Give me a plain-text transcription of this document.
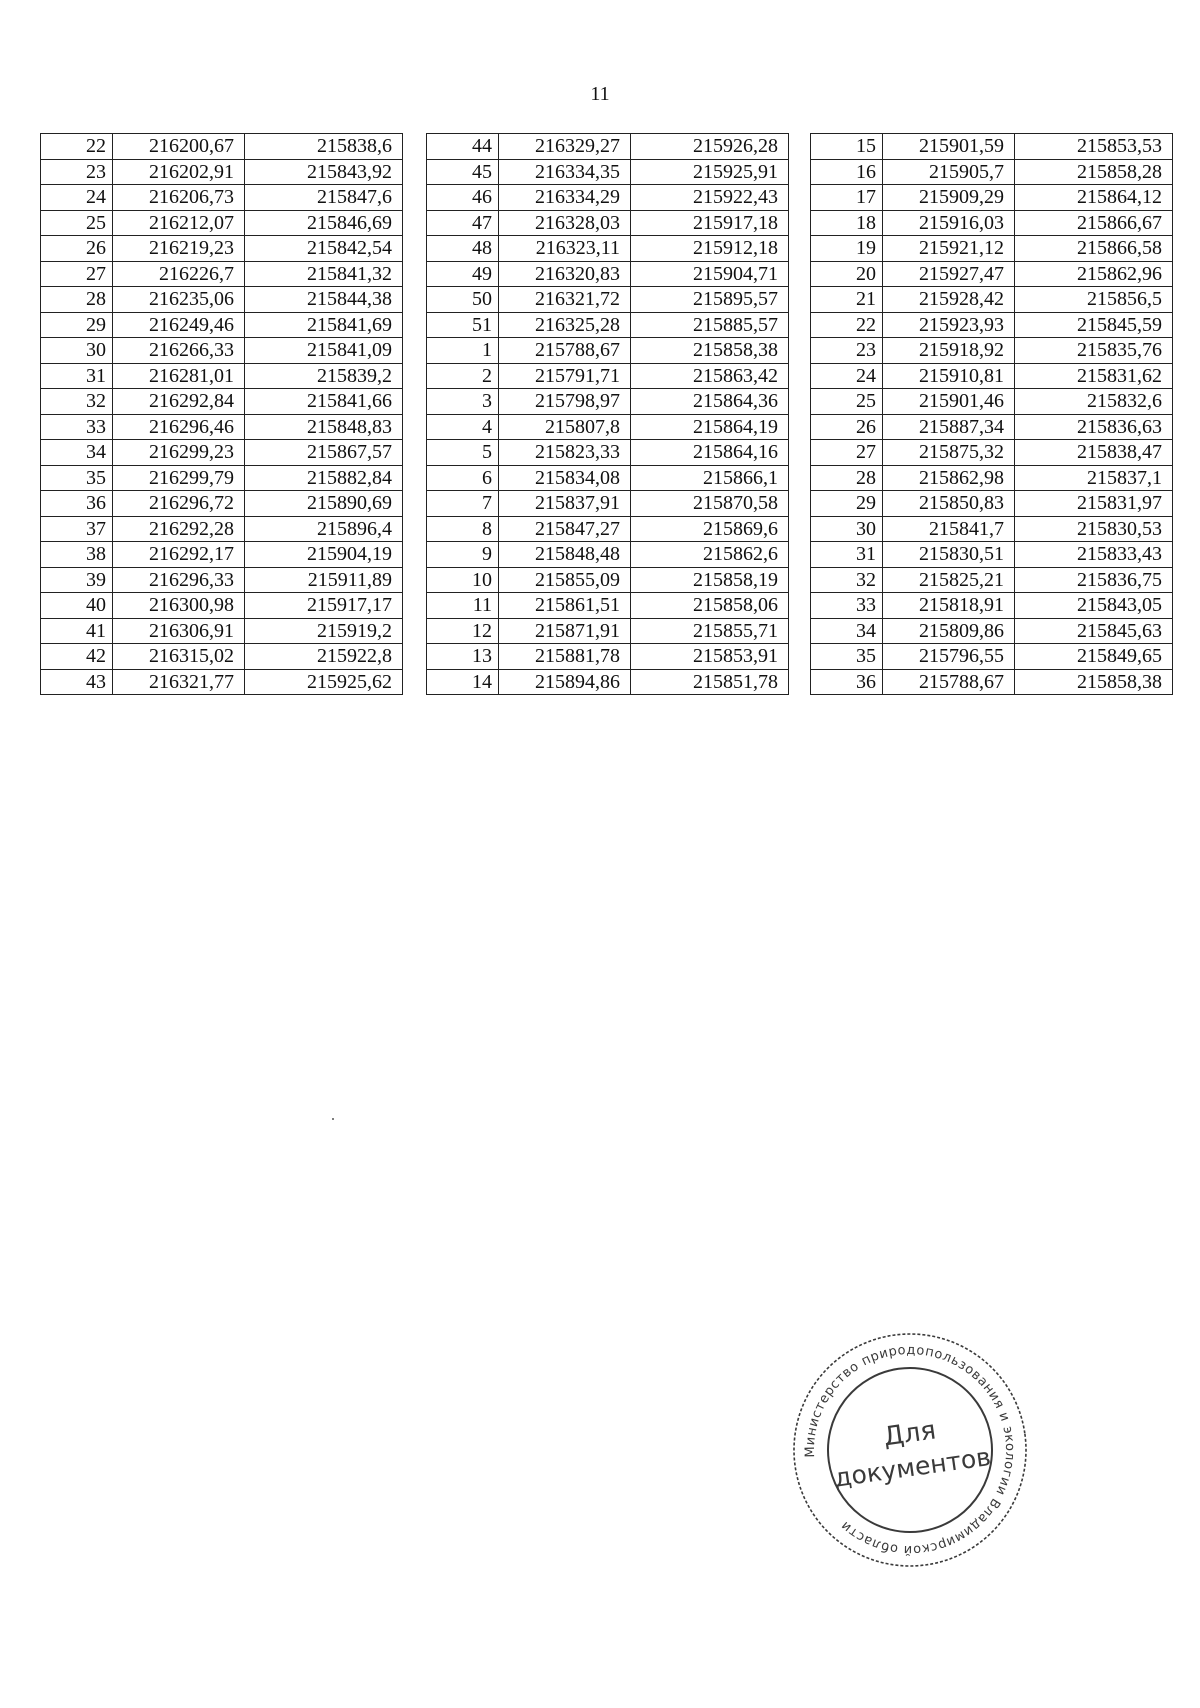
11
22	216200,67	215838,6
23	216202,91	215843,92
24	216206,73	215847,6
25	216212,07	215846,69
26	216219,23	215842,54
27	216226,7	215841,32
28	216235,06	215844,38
29	216249,46	215841,69
30	216266,33	215841,09
31	216281,01	215839,2
32	216292,84	215841,66
33	216296,46	215848,83
34	216299,23	215867,57
35	216299,79	215882,84
36	216296,72	215890,69
37	216292,28	215896,4
38	216292,17	215904,19
39	216296,33	215911,89
40	216300,98	215917,17
41	216306,91	215919,2
42	216315,02	215922,8
43	216321,77	215925,62
44	216329,27	215926,28
45	216334,35	215925,91
46	216334,29	215922,43
47	216328,03	215917,18
48	216323,11	215912,18
49	216320,83	215904,71
50	216321,72	215895,57
51	216325,28	215885,57
1	215788,67	215858,38
2	215791,71	215863,42
3	215798,97	215864,36
4	215807,8	215864,19
5	215823,33	215864,16
6	215834,08	215866,1
7	215837,91	215870,58
8	215847,27	215869,6
9	215848,48	215862,6
10	215855,09	215858,19
11	215861,51	215858,06
12	215871,91	215855,71
13	215881,78	215853,91
14	215894,86	215851,78
15	215901,59	215853,53
16	215905,7	215858,28
17	215909,29	215864,12
18	215916,03	215866,67
19	215921,12	215866,58
20	215927,47	215862,96
21	215928,42	215856,5
22	215923,93	215845,59
23	215918,92	215835,76
24	215910,81	215831,62
25	215901,46	215832,6
26	215887,34	215836,63
27	215875,32	215838,47
28	215862,98	215837,1
29	215850,83	215831,97
30	215841,7	215830,53
31	215830,51	215833,43
32	215825,21	215836,75
33	215818,91	215843,05
34	215809,86	215845,63
35	215796,55	215849,65
36	215788,67	215858,38
Министерство природопользования и экологии Владимирской области
Для
документов
